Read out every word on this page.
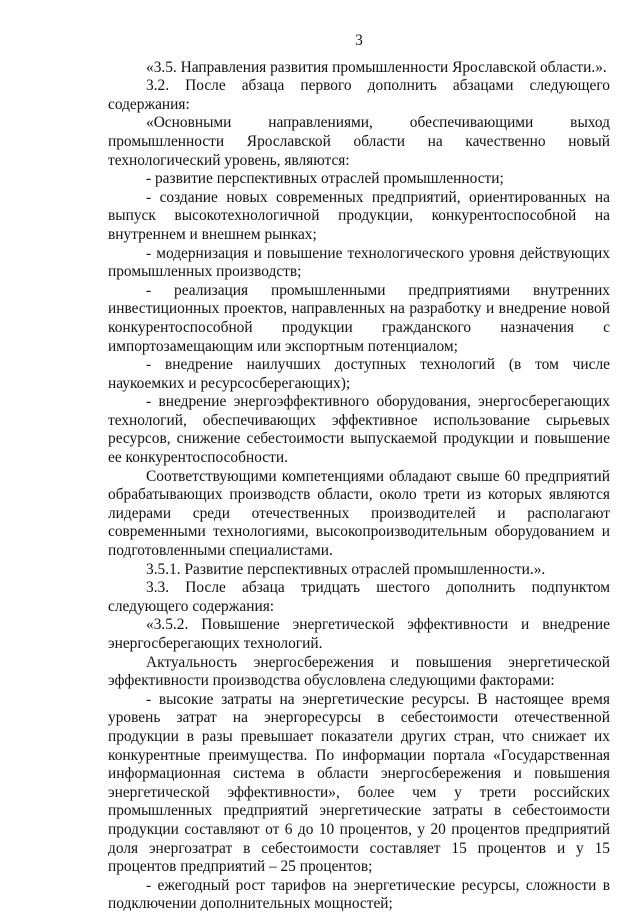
3

«3.5. Направления развития промышленности Ярославской области.».

3.2. После абзаца первого дополнить абзацами следующего содержания:

«Основными направлениями, обеспечивающими выход промышленности Ярославской области на качественно новый технологический уровень, являются:

- развитие перспективных отраслей промышленности;

- создание новых современных предприятий, ориентированных на выпуск высокотехнологичной продукции, конкурентоспособной на внутреннем и внешнем рынках;

- модернизация и повышение технологического уровня действующих промышленных производств;

- реализация промышленными предприятиями внутренних инвестиционных проектов, направленных на разработку и внедрение новой конкурентоспособной продукции гражданского назначения с импортозамещающим или экспортным потенциалом;

- внедрение наилучших доступных технологий (в том числе наукоемких и ресурсосберегающих);

- внедрение энергоэффективного оборудования, энергосберегающих технологий, обеспечивающих эффективное использование сырьевых ресурсов, снижение себестоимости выпускаемой продукции и повышение ее конкурентоспособности.

Соответствующими компетенциями обладают свыше 60 предприятий обрабатывающих производств области, около трети из которых являются лидерами среди отечественных производителей и располагают современными технологиями, высокопроизводительным оборудованием и подготовленными специалистами.

3.5.1. Развитие перспективных отраслей промышленности.».

3.3. После абзаца тридцать шестого дополнить подпунктом следующего содержания:

«3.5.2. Повышение энергетической эффективности и внедрение энергосберегающих технологий.

Актуальность энергосбережения и повышения энергетической эффективности производства обусловлена следующими факторами:

- высокие затраты на энергетические ресурсы. В настоящее время уровень затрат на энергоресурсы в себестоимости отечественной продукции в разы превышает показатели других стран, что снижает их конкурентные преимущества. По информации портала «Государственная информационная система в области энергосбережения и повышения энергетической эффективности», более чем у трети российских промышленных предприятий энергетические затраты в себестоимости продукции составляют от 6 до 10 процентов, у 20 процентов предприятий доля энергозатрат в себестоимости составляет 15 процентов и у 15 процентов предприятий – 25 процентов;

- ежегодный рост тарифов на энергетические ресурсы, сложности в подключении дополнительных мощностей;
